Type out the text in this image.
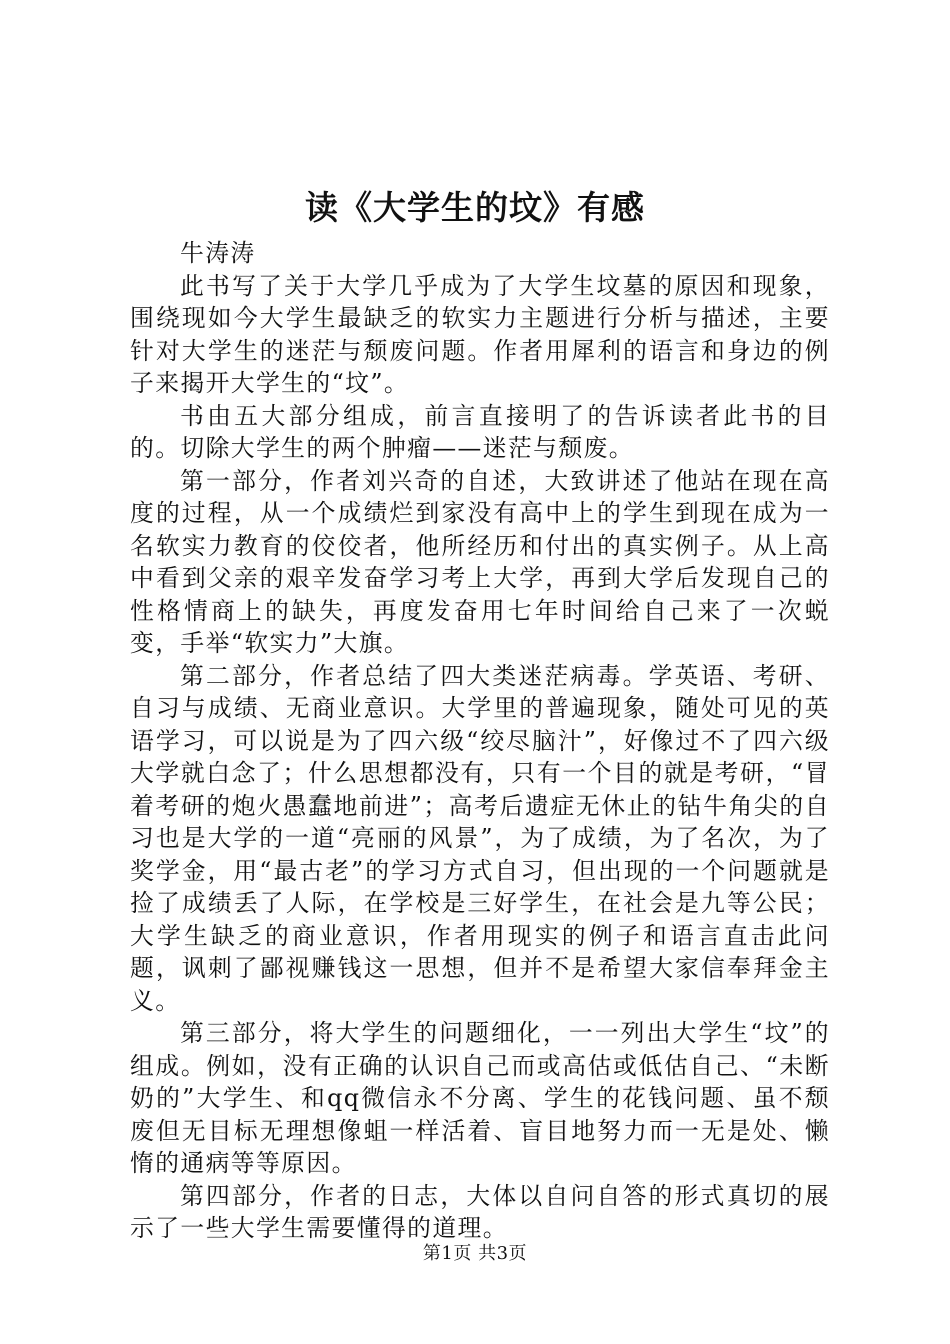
读《大学生的坟》有感

牛涛涛

此书写了关于大学几乎成为了大学生坟墓的原因和现象，围绕现如今大学生最缺乏的软实力主题进行分析与描述，主要针对大学生的迷茫与颓废问题。作者用犀利的语言和身边的例子来揭开大学生的“坟”。

书由五大部分组成，前言直接明了的告诉读者此书的目的。切除大学生的两个肿瘤——迷茫与颓废。

第一部分，作者刘兴奇的自述，大致讲述了他站在现在高度的过程，从一个成绩烂到家没有高中上的学生到现在成为一名软实力教育的佼佼者，他所经历和付出的真实例子。从上高中看到父亲的艰辛发奋学习考上大学，再到大学后发现自己的性格情商上的缺失，再度发奋用七年时间给自己来了一次蜕变，手举“软实力”大旗。

第二部分，作者总结了四大类迷茫病毒。学英语、考研、自习与成绩、无商业意识。大学里的普遍现象，随处可见的英语学习，可以说是为了四六级“绞尽脑汁”，好像过不了四六级大学就白念了；什么思想都没有，只有一个目的就是考研，“冒着考研的炮火愚蠢地前进”；高考后遗症无休止的钻牛角尖的自习也是大学的一道“亮丽的风景”，为了成绩，为了名次，为了奖学金，用“最古老”的学习方式自习，但出现的一个问题就是捡了成绩丢了人际，在学校是三好学生，在社会是九等公民；大学生缺乏的商业意识，作者用现实的例子和语言直击此问题，讽刺了鄙视赚钱这一思想，但并不是希望大家信奉拜金主义。

第三部分，将大学生的问题细化，一一列出大学生“坟”的组成。例如，没有正确的认识自己而或高估或低估自己、“未断奶的”大学生、和qq微信永不分离、学生的花钱问题、虽不颓废但无目标无理想像蛆一样活着、盲目地努力而一无是处、懒惰的通病等等原因。

第四部分，作者的日志，大体以自问自答的形式真切的展示了一些大学生需要懂得的道理。

第1页 共3页
